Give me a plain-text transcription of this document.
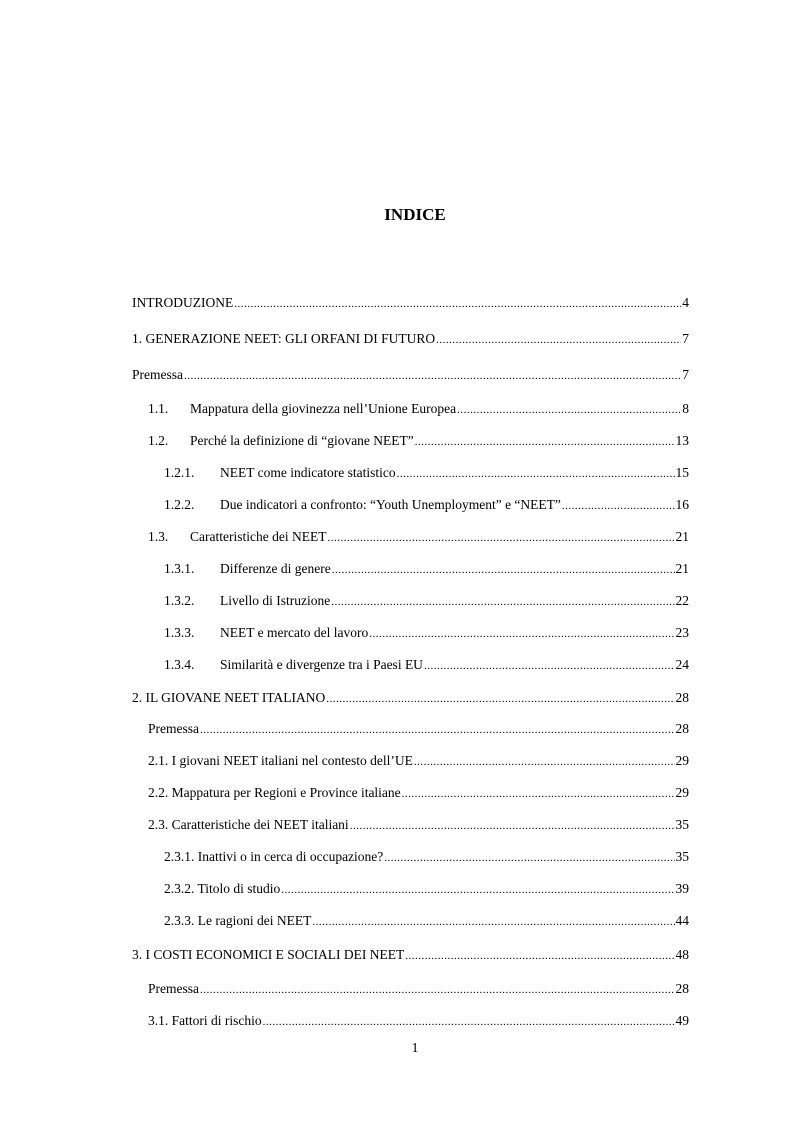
INDICE
INTRODUZIONE .....	4
1. GENERAZIONE NEET: GLI ORFANI DI FUTURO .....	7
Premessa .....	7
1.1.	Mappatura della giovinezza nell’Unione Europea .....	8
1.2.	Perché la definizione di “giovane NEET” .....	13
1.2.1.	NEET come indicatore statistico .....	15
1.2.2.	Due indicatori a confronto: “Youth Unemployment” e “NEET” .....	16
1.3.	Caratteristiche dei NEET .....	21
1.3.1.	Differenze di genere .....	21
1.3.2.	Livello di Istruzione .....	22
1.3.3.	NEET e mercato del lavoro .....	23
1.3.4.	Similarità e divergenze tra i Paesi EU .....	24
2. IL GIOVANE NEET ITALIANO .....	28
Premessa .....	28
2.1. I giovani NEET italiani nel contesto dell’UE .....	29
2.2. Mappatura per Regioni e Province italiane .....	29
2.3. Caratteristiche dei NEET italiani .....	35
2.3.1. Inattivi o in cerca di occupazione? .....	35
2.3.2. Titolo di studio .....	39
2.3.3. Le ragioni dei NEET .....	44
3. I COSTI ECONOMICI E SOCIALI DEI NEET .....	48
Premessa .....	28
3.1. Fattori di rischio .....	49
1
